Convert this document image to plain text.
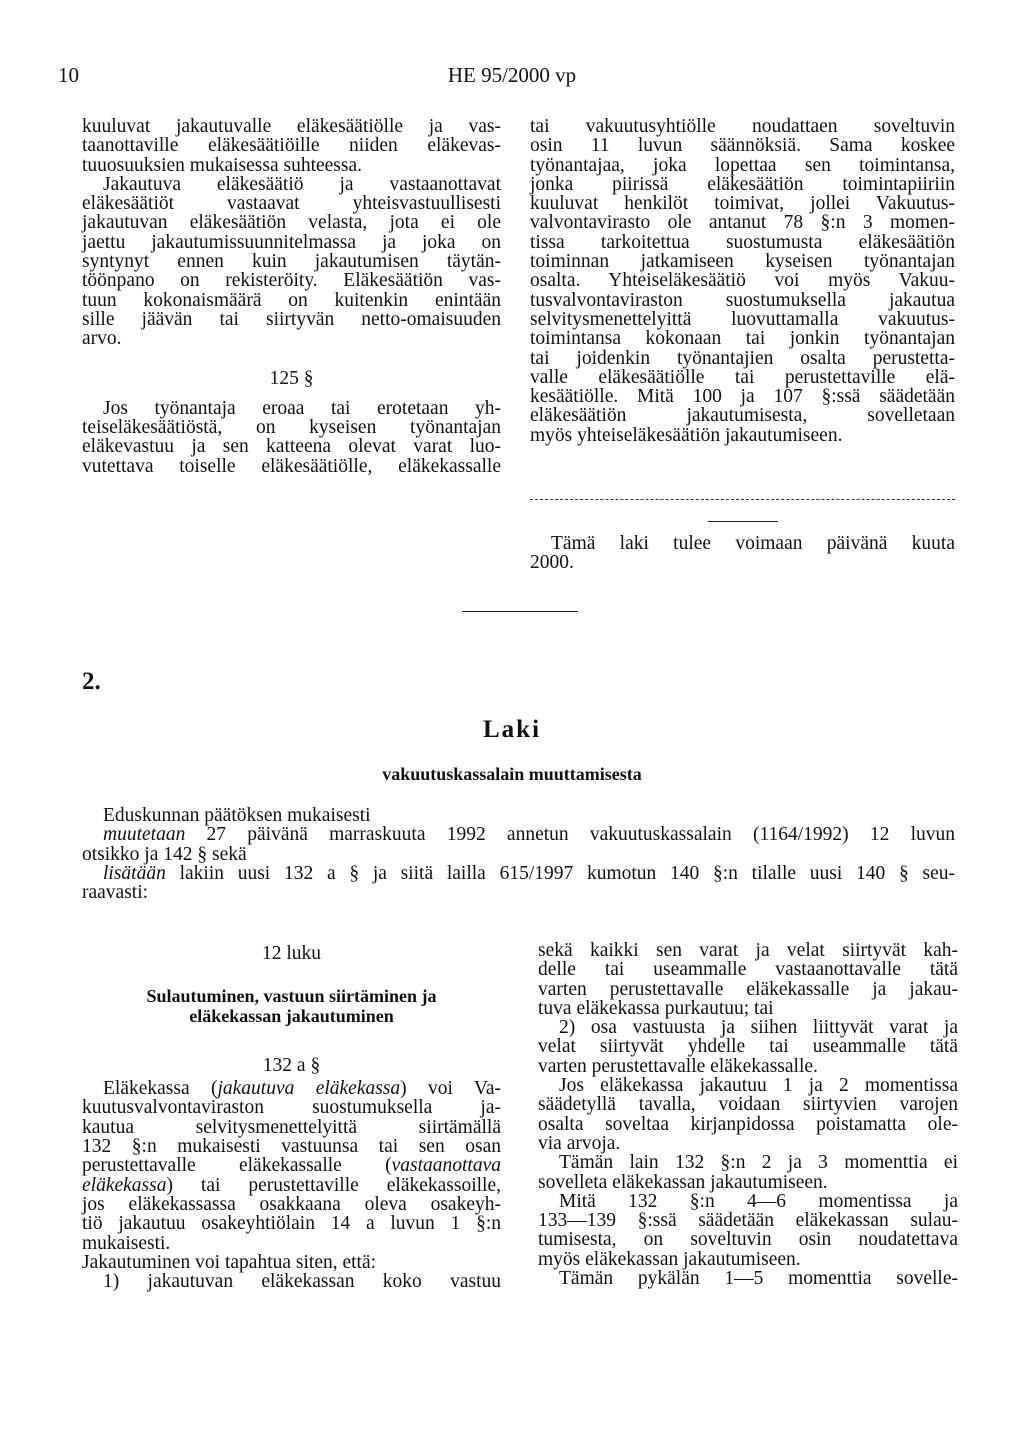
10	HE 95/2000 vp

kuuluvat jakautuvalle eläkesäätiölle ja vas-

taanottaville eläkesäätiöille niiden eläkevas-

tuuosuuksien mukaisessa suhteessa.

Jakautuva eläkesäätiö ja vastaanottavat

eläkesäätiöt vastaavat yhteisvastuullisesti

jakautuvan eläkesäätiön velasta, jota ei ole

jaettu jakautumissuunnitelmassa ja joka on

syntynyt ennen kuin jakautumisen täytän-

töönpano on rekisteröity. Eläkesäätiön vas-

tuun kokonaismäärä on kuitenkin enintään

sille jäävän tai siirtyvän netto-omaisuuden

arvo.

125 §

Jos työnantaja eroaa tai erotetaan yh-

teiseläkesäätiöstä, on kyseisen työnantajan

eläkevastuu ja sen katteena olevat varat luo-

vutettava toiselle eläkesäätiölle, eläkekassalle

tai vakuutusyhtiölle noudattaen soveltuvin

osin 11 luvun säännöksiä. Sama koskee

työnantajaa, joka lopettaa sen toimintansa,

jonka piirissä eläkesäätiön toimintapiiriin

kuuluvat henkilöt toimivat, jollei Vakuutus-

valvontavirasto ole antanut 78 §:n 3 momen-

tissa tarkoitettua suostumusta eläkesäätiön

toiminnan jatkamiseen kyseisen työnantajan

osalta. Yhteiseläkesäätiö voi myös Vakuu-

tusvalvontaviraston suostumuksella jakautua

selvitysmenettelyittä luovuttamalla vakuutus-

toimintansa kokonaan tai jonkin työnantajan

tai joidenkin työnantajien osalta perustetta-

valle eläkesäätiölle tai perustettaville elä-

kesäätiölle. Mitä 100 ja 107 §:ssä säädetään

eläkesäätiön jakautumisesta, sovelletaan

myös yhteiseläkesäätiön jakautumiseen.

Tämä laki tulee voimaan päivänä kuuta

2000.

2.
Laki
vakuutuskassalain muuttamisesta

Eduskunnan päätöksen mukaisesti

muutetaan 27 päivänä marraskuuta 1992 annetun vakuutuskassalain (1164/1992) 12 luvun

otsikko ja 142 § sekä

lisätään lakiin uusi 132 a § ja siitä lailla 615/1997 kumotun 140 §:n tilalle uusi 140 § seu-

raavasti:

12 luku

Sulautuminen, vastuun siirtäminen ja

eläkekassan jakautuminen

132 a §

Eläkekassa (jakautuva eläkekassa) voi Va-

kuutusvalvontaviraston suostumuksella ja-

kautua selvitysmenettelyittä siirtämällä

132 §:n mukaisesti vastuunsa tai sen osan

perustettavalle eläkekassalle (vastaanottava

eläkekassa) tai perustettaville eläkekassoille,

jos eläkekassassa osakkaana oleva osakeyh-

tiö jakautuu osakeyhtiölain 14 a luvun 1 §:n

mukaisesti.

Jakautuminen voi tapahtua siten, että:

1) jakautuvan eläkekassan koko vastuu

sekä kaikki sen varat ja velat siirtyvät kah-

delle tai useammalle vastaanottavalle tätä

varten perustettavalle eläkekassalle ja jakau-

tuva eläkekassa purkautuu; tai

2) osa vastuusta ja siihen liittyvät varat ja

velat siirtyvät yhdelle tai useammalle tätä

varten perustettavalle eläkekassalle.

Jos eläkekassa jakautuu 1 ja 2 momentissa

säädetyllä tavalla, voidaan siirtyvien varojen

osalta soveltaa kirjanpidossa poistamatta ole-

via arvoja.

Tämän lain 132 §:n 2 ja 3 momenttia ei

sovelleta eläkekassan jakautumiseen.

Mitä 132 §:n 4—6 momentissa ja

133—139 §:ssä säädetään eläkekassan sulau-

tumisesta, on soveltuvin osin noudatettava

myös eläkekassan jakautumiseen.

Tämän pykälän 1—5 momenttia sovelle-
